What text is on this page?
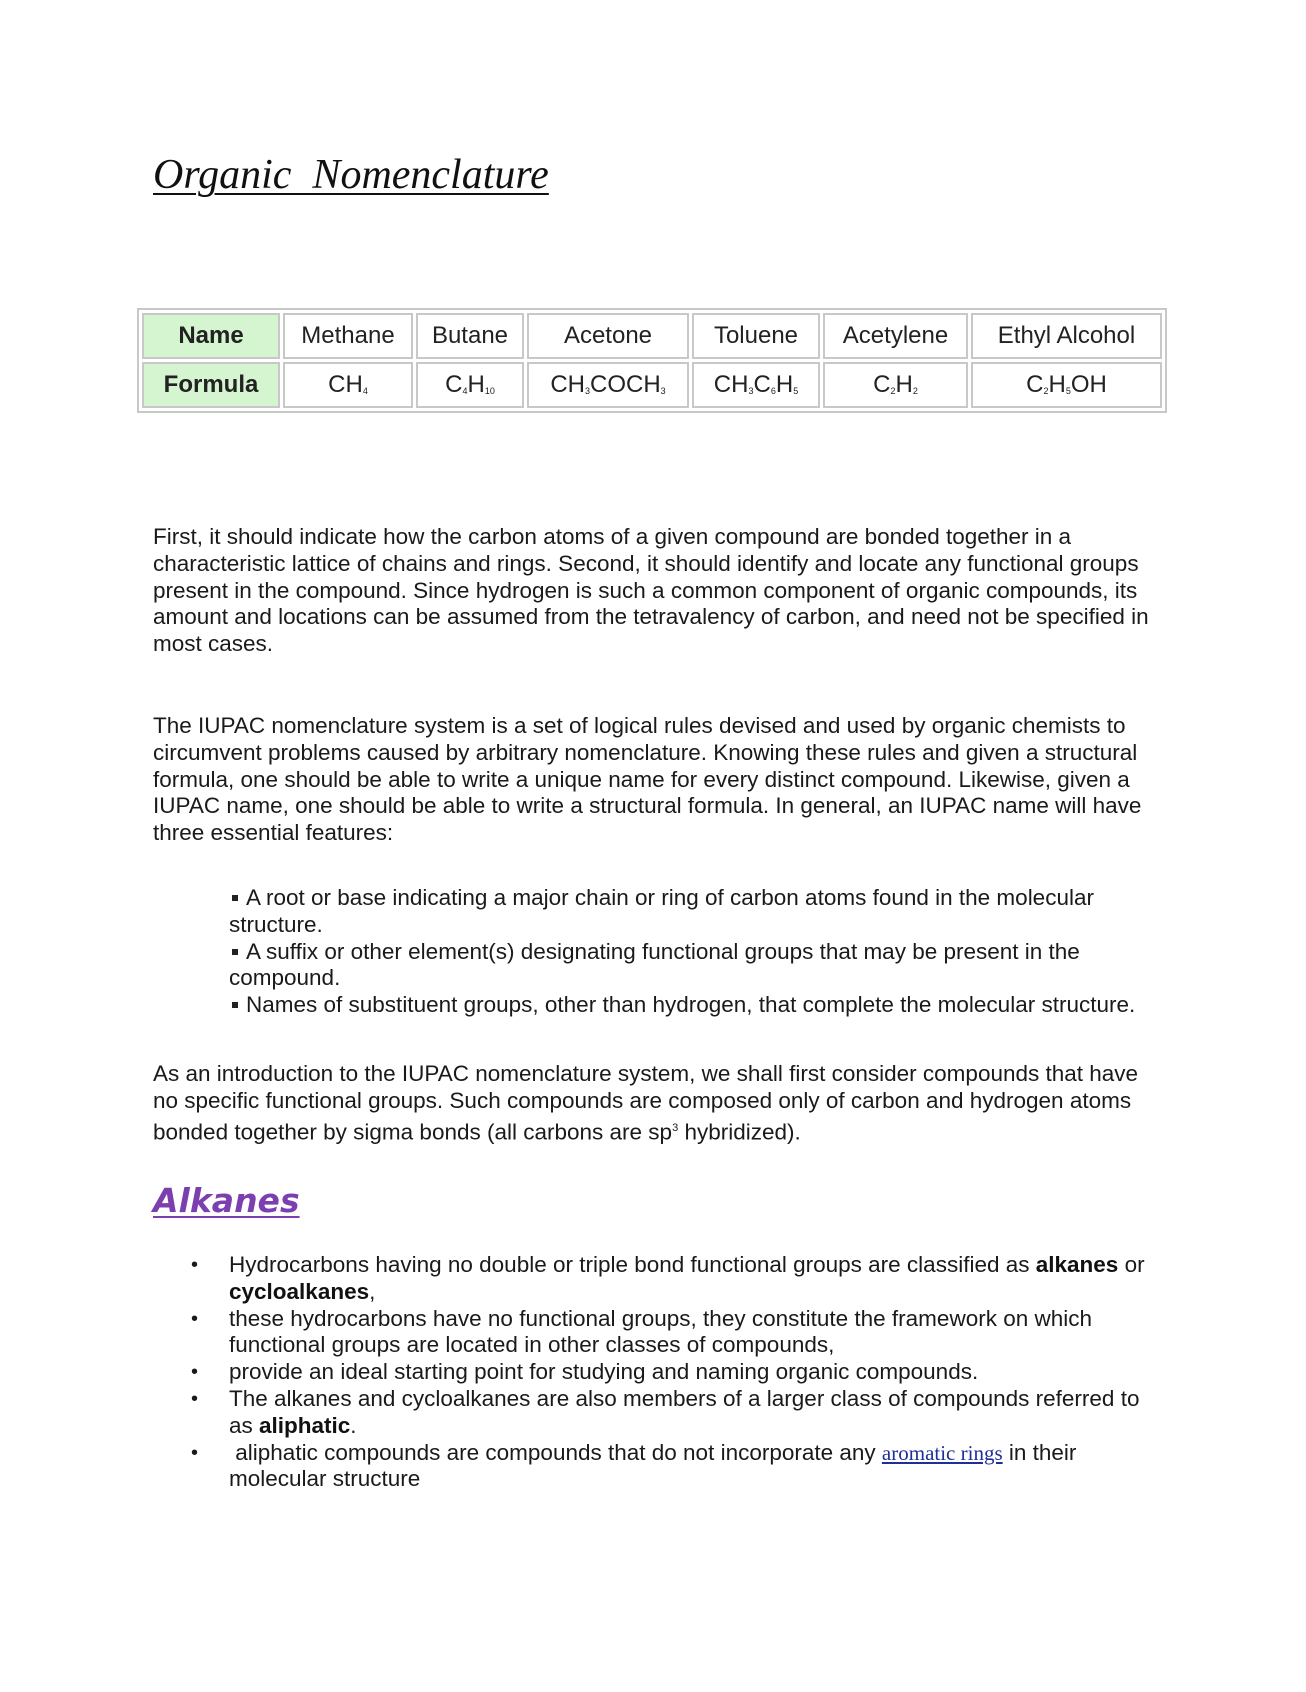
Organic  Nomenclature
Name	Methane	Butane	Acetone	Toluene	Acetylene	Ethyl Alcohol
Formula	$CH_4$	$C_4H_{10}$	$CH_3COCH_3$	$CH_3C_6H_5$	$C_2H_2$	$C_2H_5OH$

First, it should indicate how the carbon atoms of a given compound are bonded together in a characteristic lattice of chains and rings. Second, it should identify and locate any functional groups present in the compound. Since hydrogen is such a common component of organic compounds, its amount and locations can be assumed from the tetravalency of carbon, and need not be specified in most cases.

The IUPAC nomenclature system is a set of logical rules devised and used by organic chemists to circumvent problems caused by arbitrary nomenclature. Knowing these rules and given a structural formula, one should be able to write a unique name for every distinct compound. Likewise, given a IUPAC name, one should be able to write a structural formula. In general, an IUPAC name will have three essential features:

A root or base indicating a major chain or ring of carbon atoms found in the molecular structure.
A suffix or other element(s) designating functional groups that may be present in the compound.
Names of substituent groups, other than hydrogen, that complete the molecular structure.

As an introduction to the IUPAC nomenclature system, we shall first consider compounds that have no specific functional groups. Such compounds are composed only of carbon and hydrogen atoms bonded together by sigma bonds (all carbons are $sp^3$ hybridized).

Alkanes
• Hydrocarbons having no double or triple bond functional groups are classified as alkanes or cycloalkanes,
• these hydrocarbons have no functional groups, they constitute the framework on which functional groups are located in other classes of compounds,
• provide an ideal starting point for studying and naming organic compounds.
• The alkanes and cycloalkanes are also members of a larger class of compounds referred to as aliphatic.
• aliphatic compounds are compounds that do not incorporate any aromatic rings in their molecular structure
